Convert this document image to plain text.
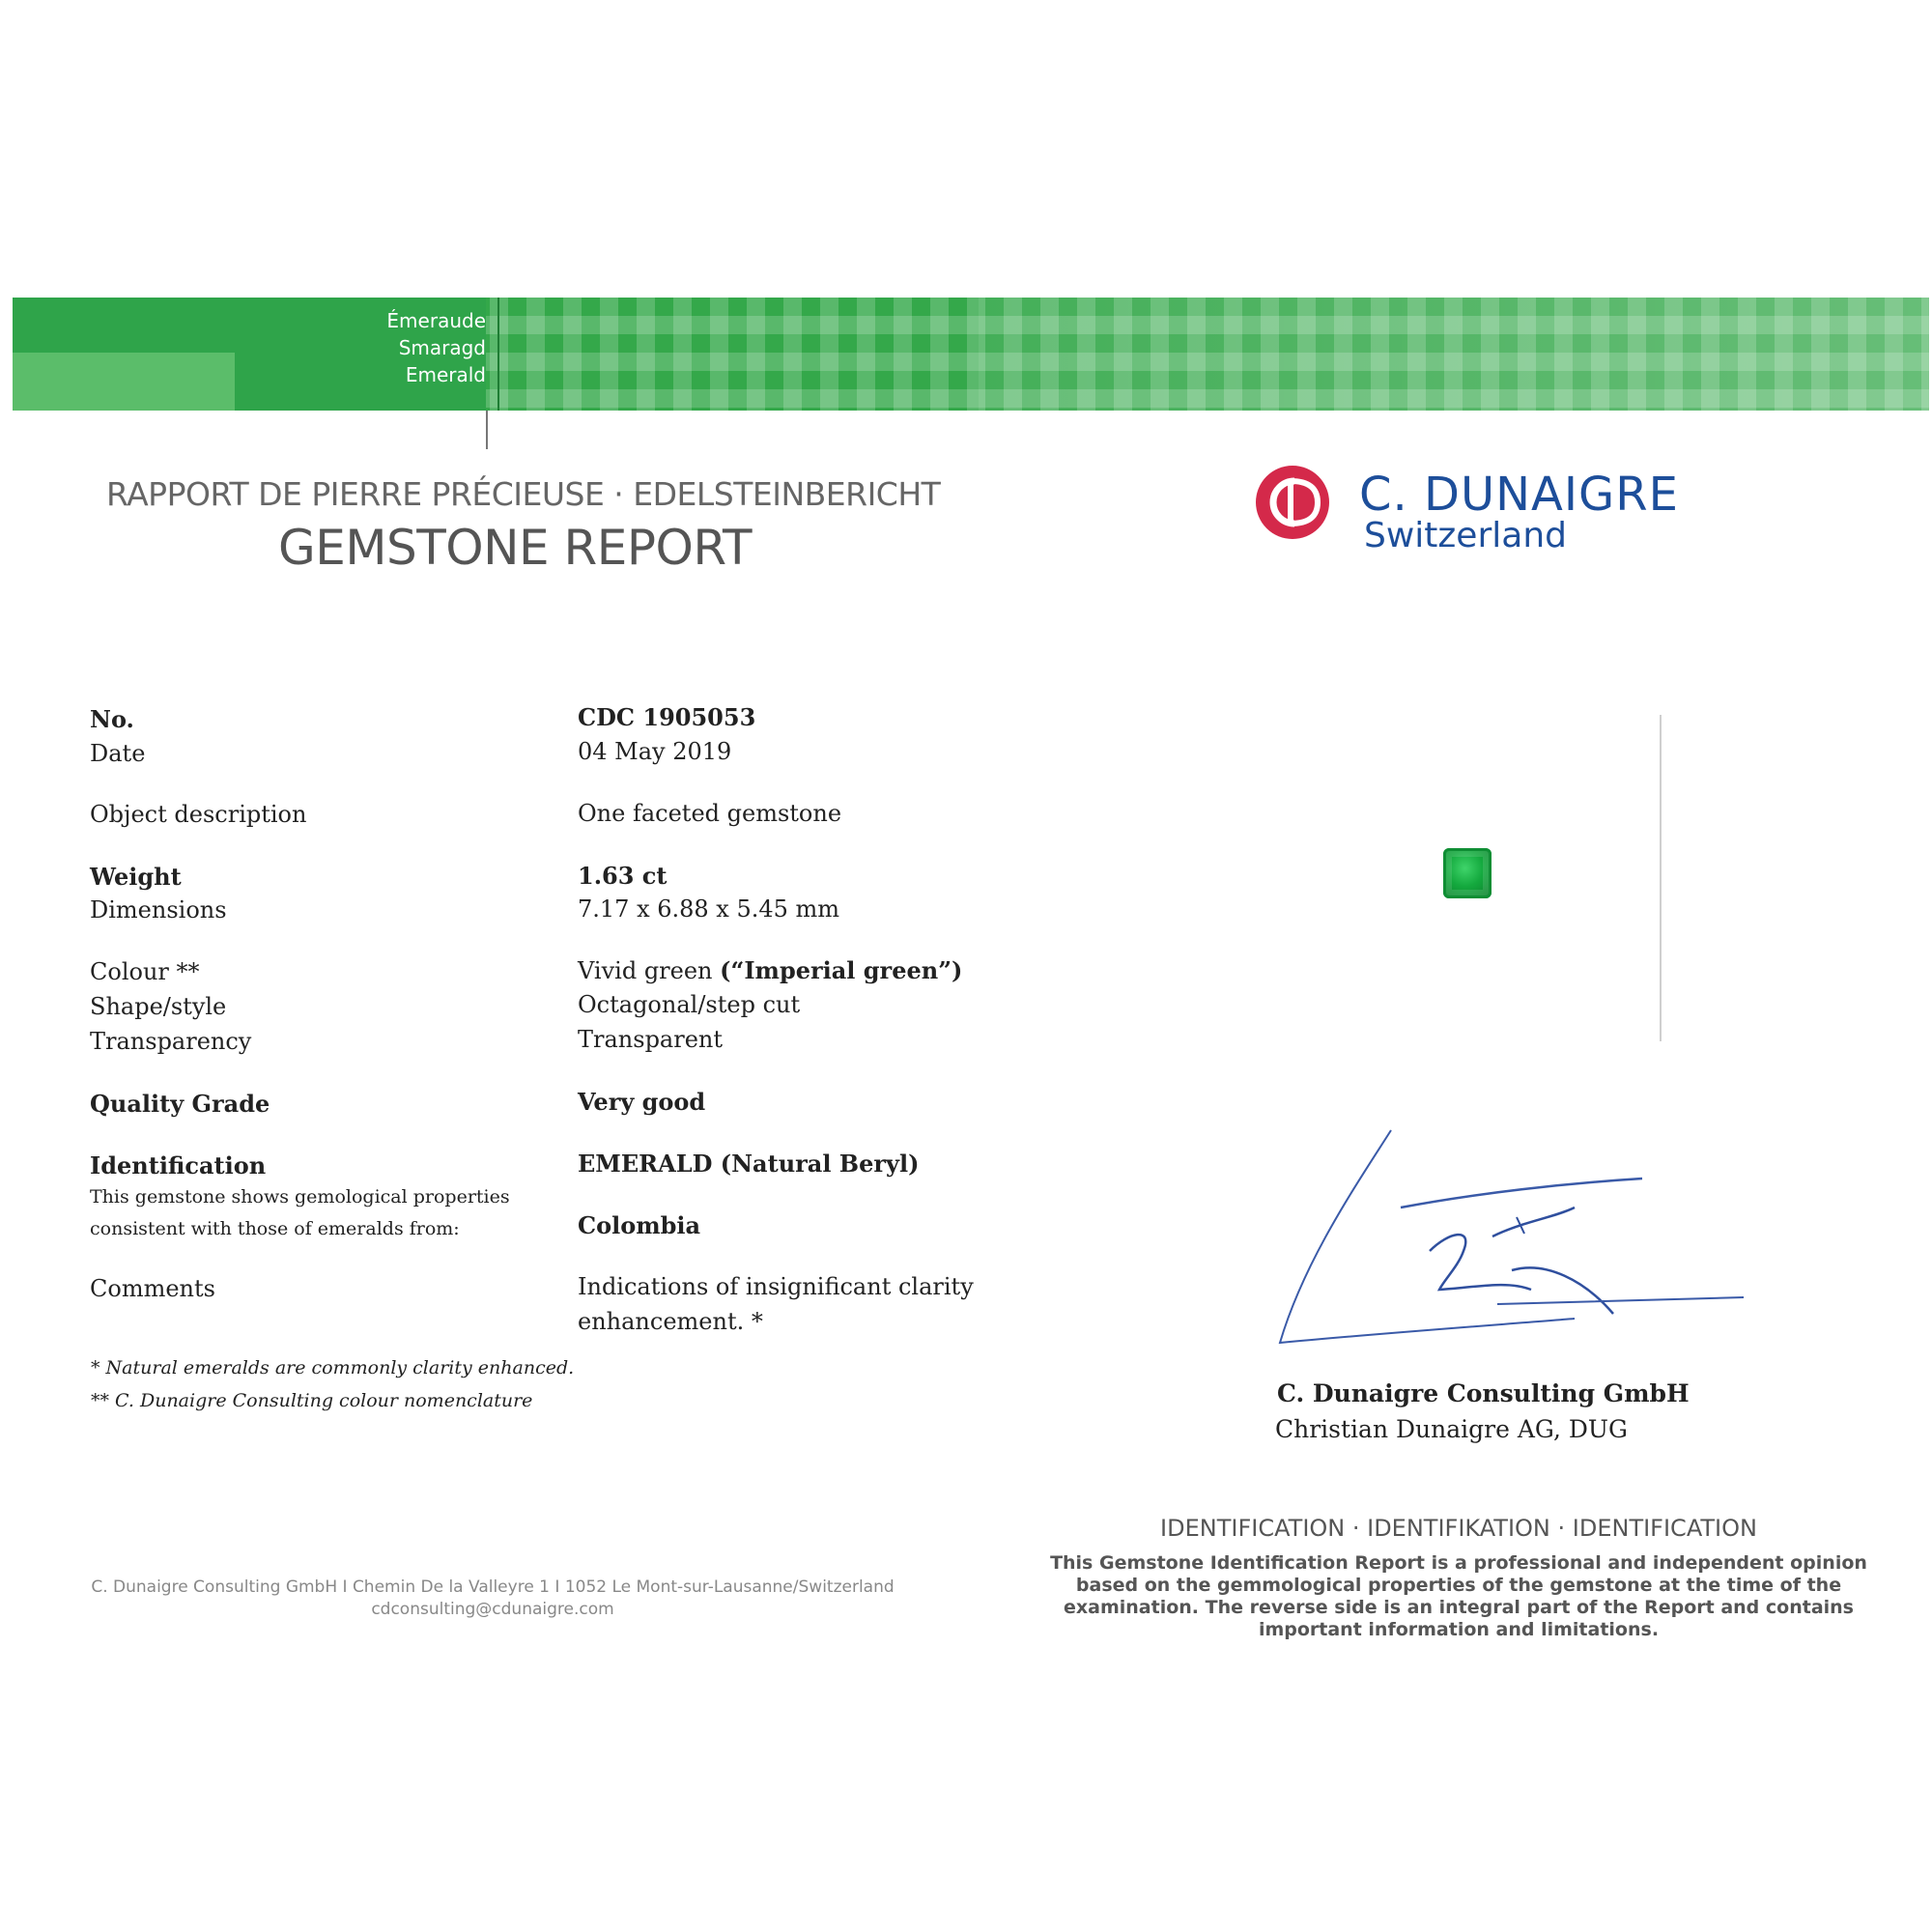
Émeraude
Smaragd
Emerald
RAPPORT DE PIERRE PRÉCIEUSE · EDELSTEINBERICHT
GEMSTONE REPORT
C. DUNAIGRE
Switzerland
No.	CDC 1905053
Date	04 May 2019
Object description	One faceted gemstone
Weight	1.63 ct
Dimensions	7.17 x 6.88 x 5.45 mm
Colour **	Vivid green (“Imperial green”)
Shape/style	Octagonal/step cut
Transparency	Transparent
Quality Grade	Very good
Identification	EMERALD (Natural Beryl)
This gemstone shows gemological properties
consistent with those of emeralds from:	Colombia
Comments	Indications of insignificant clarity
enhancement. *
* Natural emeralds are commonly clarity enhanced.
** C. Dunaigre Consulting colour nomenclature	C. Dunaigre Consulting GmbH
Christian Dunaigre AG, DUG
IDENTIFICATION · IDENTIFIKATION · IDENTIFICATION
This Gemstone Identification Report is a professional and independent opinion based on the gemmological properties of the gemstone at the time of the examination. The reverse side is an integral part of the Report and contains important information and limitations.
C. Dunaigre Consulting GmbH I Chemin De la Valleyre 1 I 1052 Le Mont-sur-Lausanne/Switzerland
cdconsulting@cdunaigre.com
